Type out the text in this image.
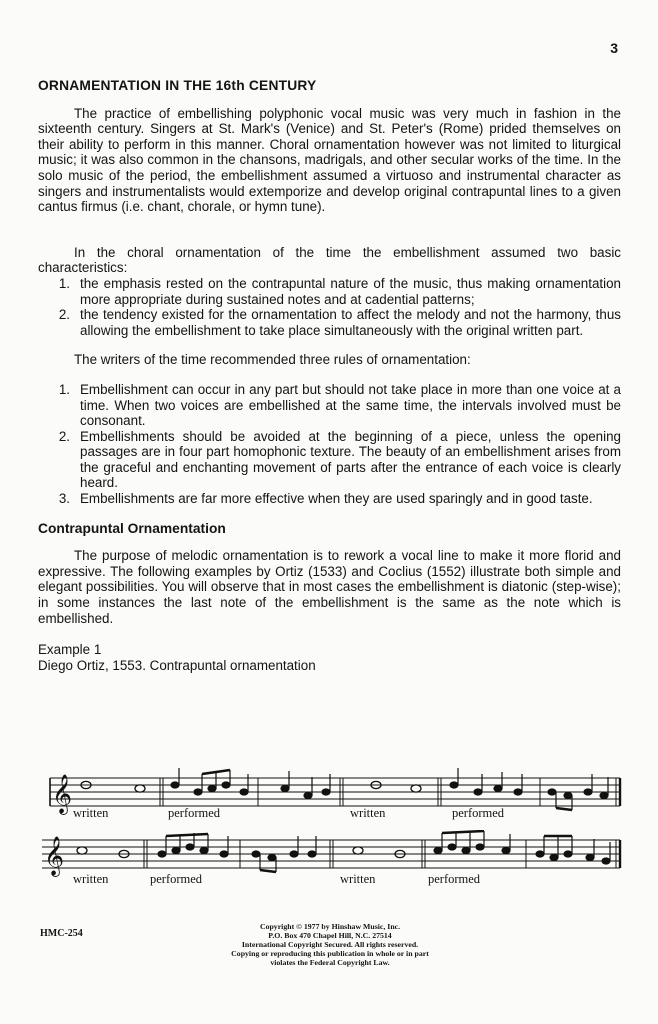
3
ORNAMENTATION IN THE 16th CENTURY

The practice of embellishing polyphonic vocal music was very much in fashion in the sixteenth century. Singers at St. Mark's (Venice) and St. Peter's (Rome) prided themselves on their ability to perform in this manner. Choral ornamentation however was not limited to liturgical music; it was also common in the chansons, madrigals, and other secular works of the time. In the solo music of the period, the embellishment assumed a virtuoso and instrumental character as singers and instrumentalists would extemporize and develop original contrapuntal lines to a given cantus firmus (i.e. chant, chorale, or hymn tune).

In the choral ornamentation of the time the embellishment assumed two basic characteristics:

1. the emphasis rested on the contrapuntal nature of the music, thus making ornamentation more appropriate during sustained notes and at cadential patterns;
2. the tendency existed for the ornamentation to affect the melody and not the harmony, thus allowing the embellishment to take place simultaneously with the original written part.

The writers of the time recommended three rules of ornamentation:

1. Embellishment can occur in any part but should not take place in more than one voice at a time. When two voices are embellished at the same time, the intervals involved must be consonant.
2. Embellishments should be avoided at the beginning of a piece, unless the opening passages are in four part homophonic texture. The beauty of an embellishment arises from the graceful and enchanting movement of parts after the entrance of each voice is clearly heard.
3. Embellishments are far more effective when they are used sparingly and in good taste.
Contrapuntal Ornamentation

The purpose of melodic ornamentation is to rework a vocal line to make it more florid and expressive. The following examples by Ortiz (1533) and Coclius (1552) illustrate both simple and elegant possibilities. You will observe that in most cases the embellishment is diatonic (step-wise); in some instances the last note of the embellishment is the same as the note which is embellished.

Example 1
Diego Ortiz, 1553. Contrapuntal ornamentation
𝄞 written	performed	written	performed
𝄞
written	performed	written	performed
HMC-254
Copyright © 1977 by Hinshaw Music, Inc.
P.O. Box 470 Chapel Hill, N.C. 27514
International Copyright Secured. All rights reserved.
Copying or reproducing this publication in whole or in part
violates the Federal Copyright Law.
